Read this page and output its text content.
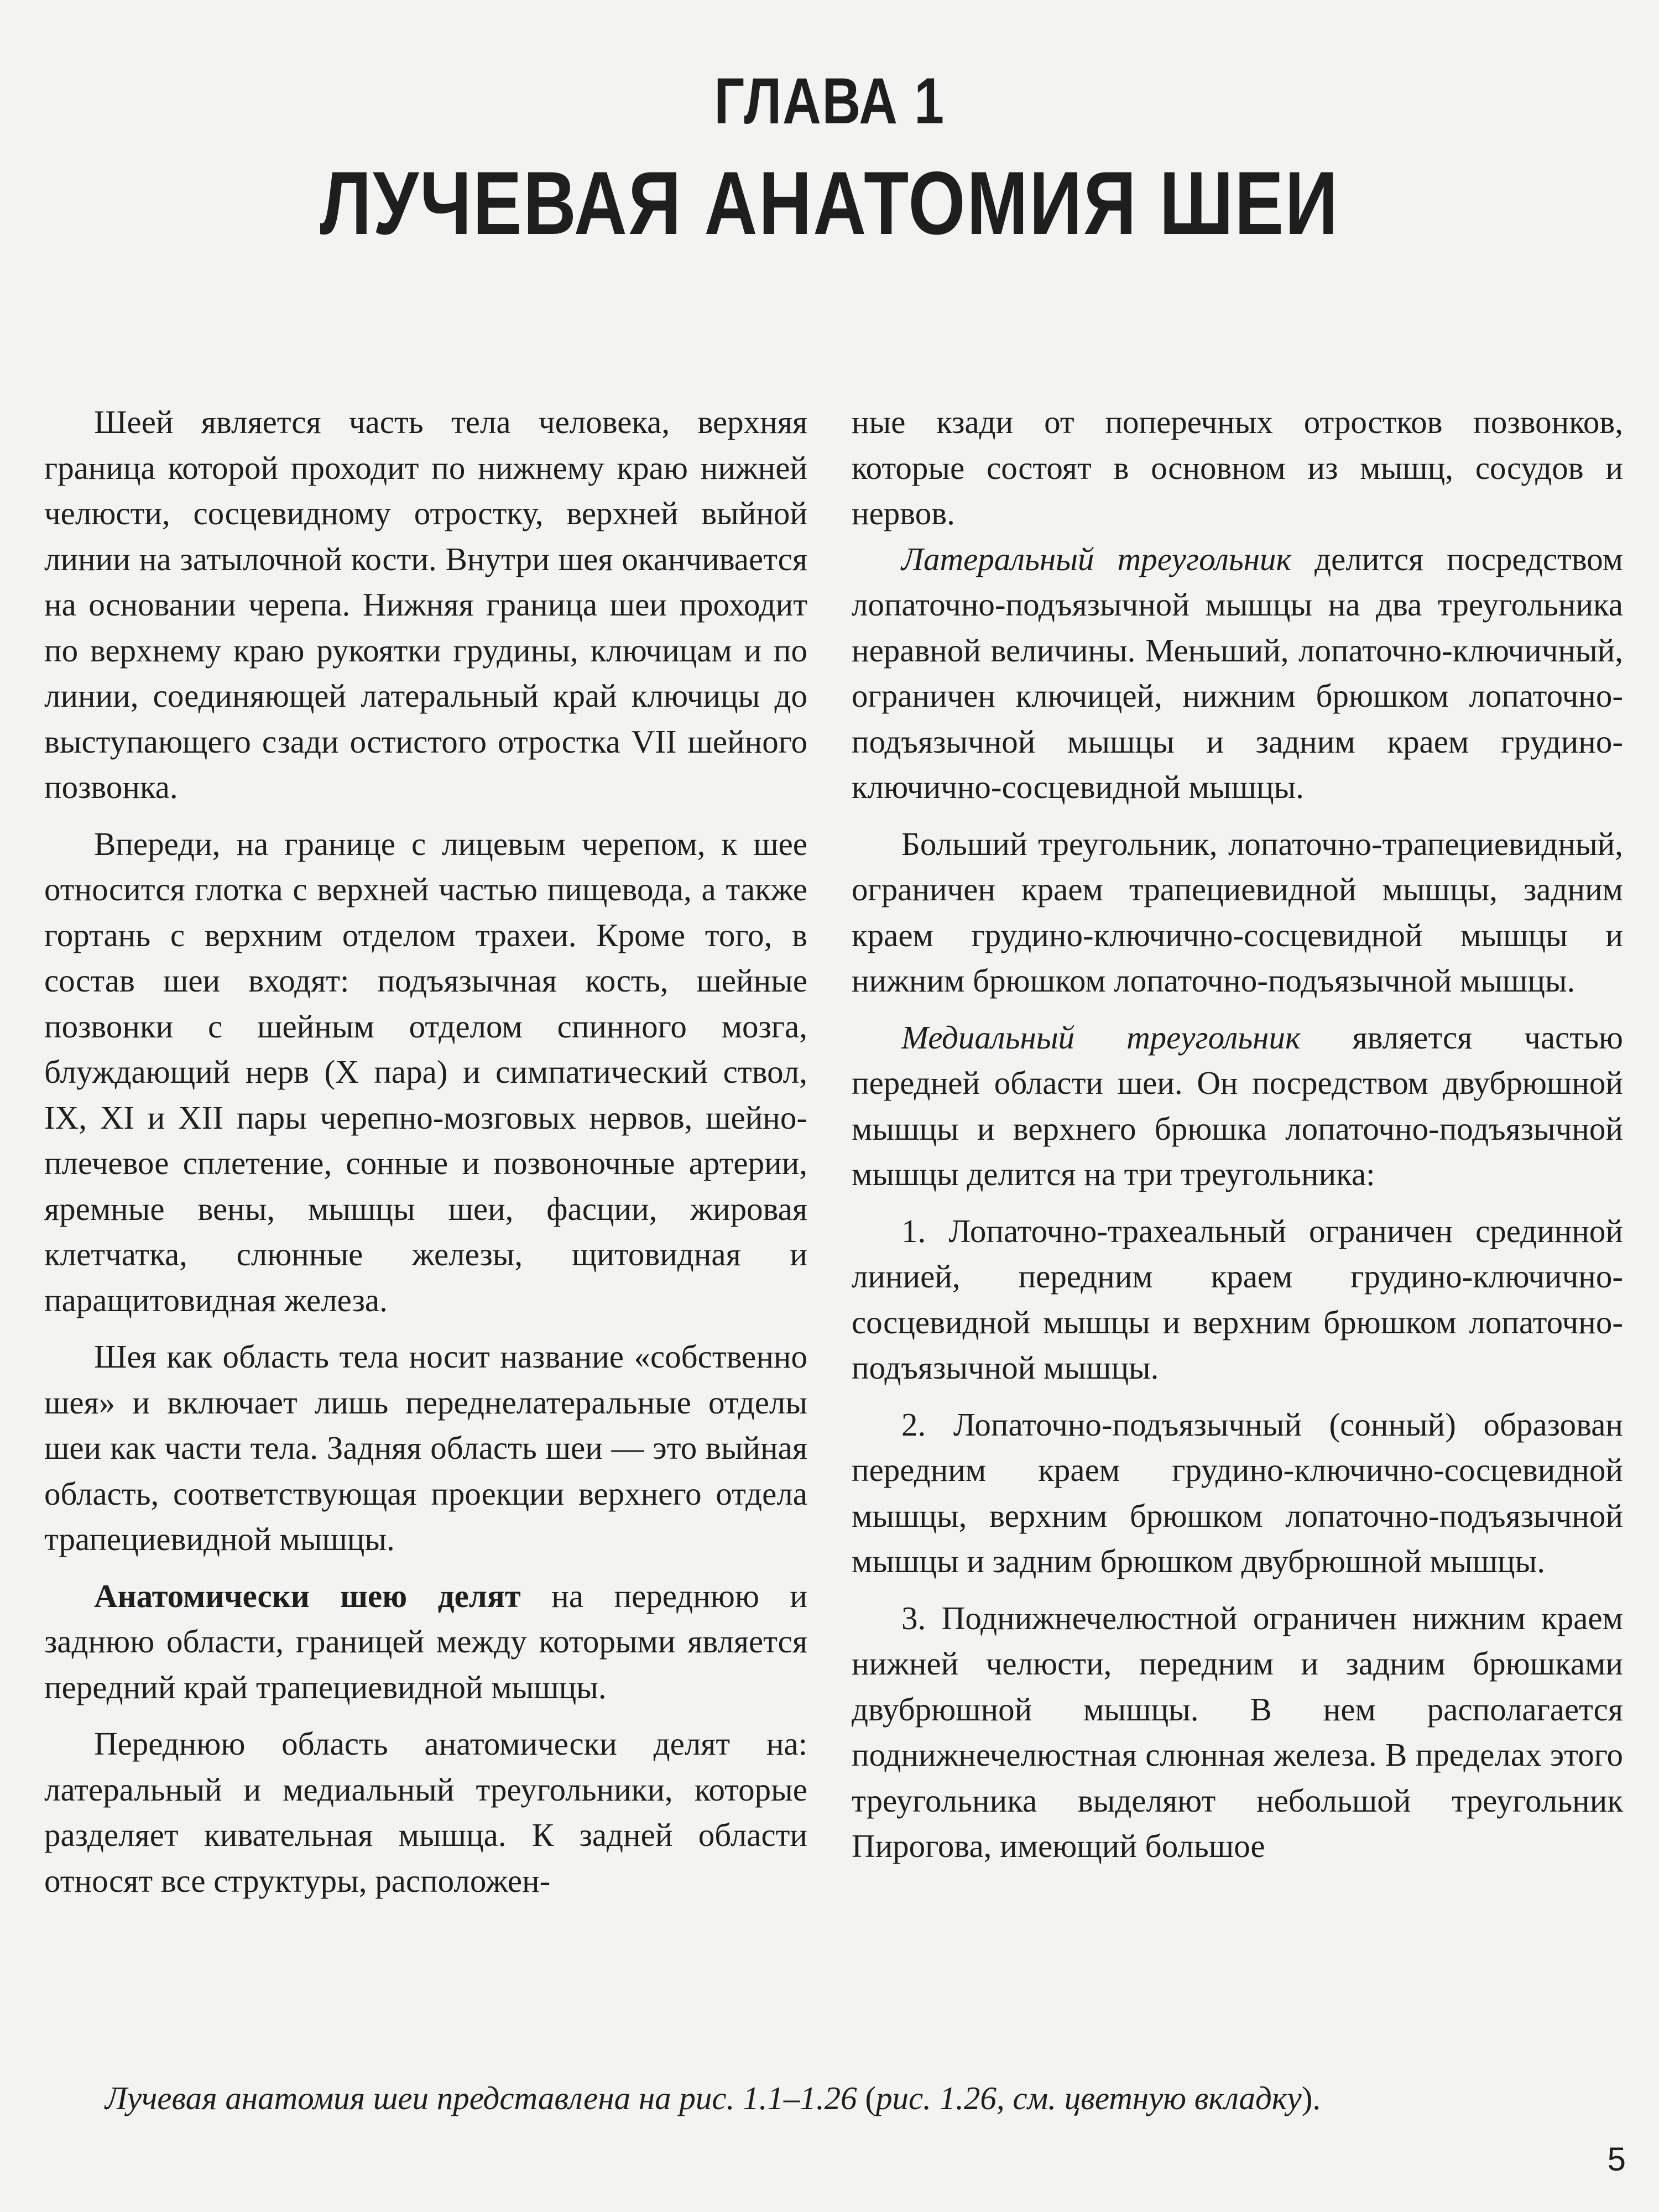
ГЛАВА 1
ЛУЧЕВАЯ АНАТОМИЯ ШЕИ

Шеей является часть тела человека, верхняя граница которой проходит по нижнему краю нижней челюсти, сосцевидному отростку, верхней выйной линии на затылочной кости. Внутри шея оканчивается на основании черепа. Нижняя граница шеи проходит по верхнему краю рукоятки грудины, ключицам и по линии, соединяющей латеральный край ключицы до выступающего сзади остистого отростка VII шейного позвонка.

Впереди, на границе с лицевым черепом, к шее относится глотка с верхней частью пищевода, а также гортань с верхним отделом трахеи. Кроме того, в состав шеи входят: подъязычная кость, шейные позвонки с шейным отделом спинного мозга, блуждающий нерв (X пара) и симпатический ствол, IX, XI и XII пары черепно-мозговых нервов, шейно-плечевое сплетение, сонные и позвоночные артерии, яремные вены, мышцы шеи, фасции, жировая клетчатка, слюнные железы, щитовидная и паращитовидная железа.

Шея как область тела носит название «собственно шея» и включает лишь переднелатеральные отделы шеи как части тела. Задняя область шеи — это выйная область, соответствующая проекции верхнего отдела трапециевидной мышцы.

Анатомически шею делят на переднюю и заднюю области, границей между которыми является передний край трапециевидной мышцы.

Переднюю область анатомически делят на: латеральный и медиальный треугольники, которые разделяет кивательная мышца. К задней области относят все структуры, расположен-

ные кзади от поперечных отростков позвонков, которые состоят в основном из мышц, сосудов и нервов.

Латеральный треугольник делится посредством лопаточно-подъязычной мышцы на два треугольника неравной величины. Меньший, лопаточно-ключичный, ограничен ключицей, нижним брюшком лопаточно-подъязычной мышцы и задним краем грудино-ключично-сосцевидной мышцы.

Больший треугольник, лопаточно-трапециевидный, ограничен краем трапециевидной мышцы, задним краем грудино-ключично-сосцевидной мышцы и нижним брюшком лопаточно-подъязычной мышцы.

Медиальный треугольник является частью передней области шеи. Он посредством двубрюшной мышцы и верхнего брюшка лопаточно-подъязычной мышцы делится на три треугольника:

1. Лопаточно-трахеальный ограничен срединной линией, передним краем грудино-ключично-сосцевидной мышцы и верхним брюшком лопаточно-подъязычной мышцы.

2. Лопаточно-подъязычный (сонный) образован передним краем грудино-ключично-сосцевидной мышцы, верхним брюшком лопаточно-подъязычной мышцы и задним брюшком двубрюшной мышцы.

3. Поднижнечелюстной ограничен нижним краем нижней челюсти, передним и задним брюшками двубрюшной мышцы. В нем располагается поднижнечелюстная слюнная железа. В пределах этого треугольника выделяют небольшой треугольник Пирогова, имеющий большое

Лучевая анатомия шеи представлена на рис. 1.1–1.26 (рис. 1.26, см. цветную вкладку).

5
